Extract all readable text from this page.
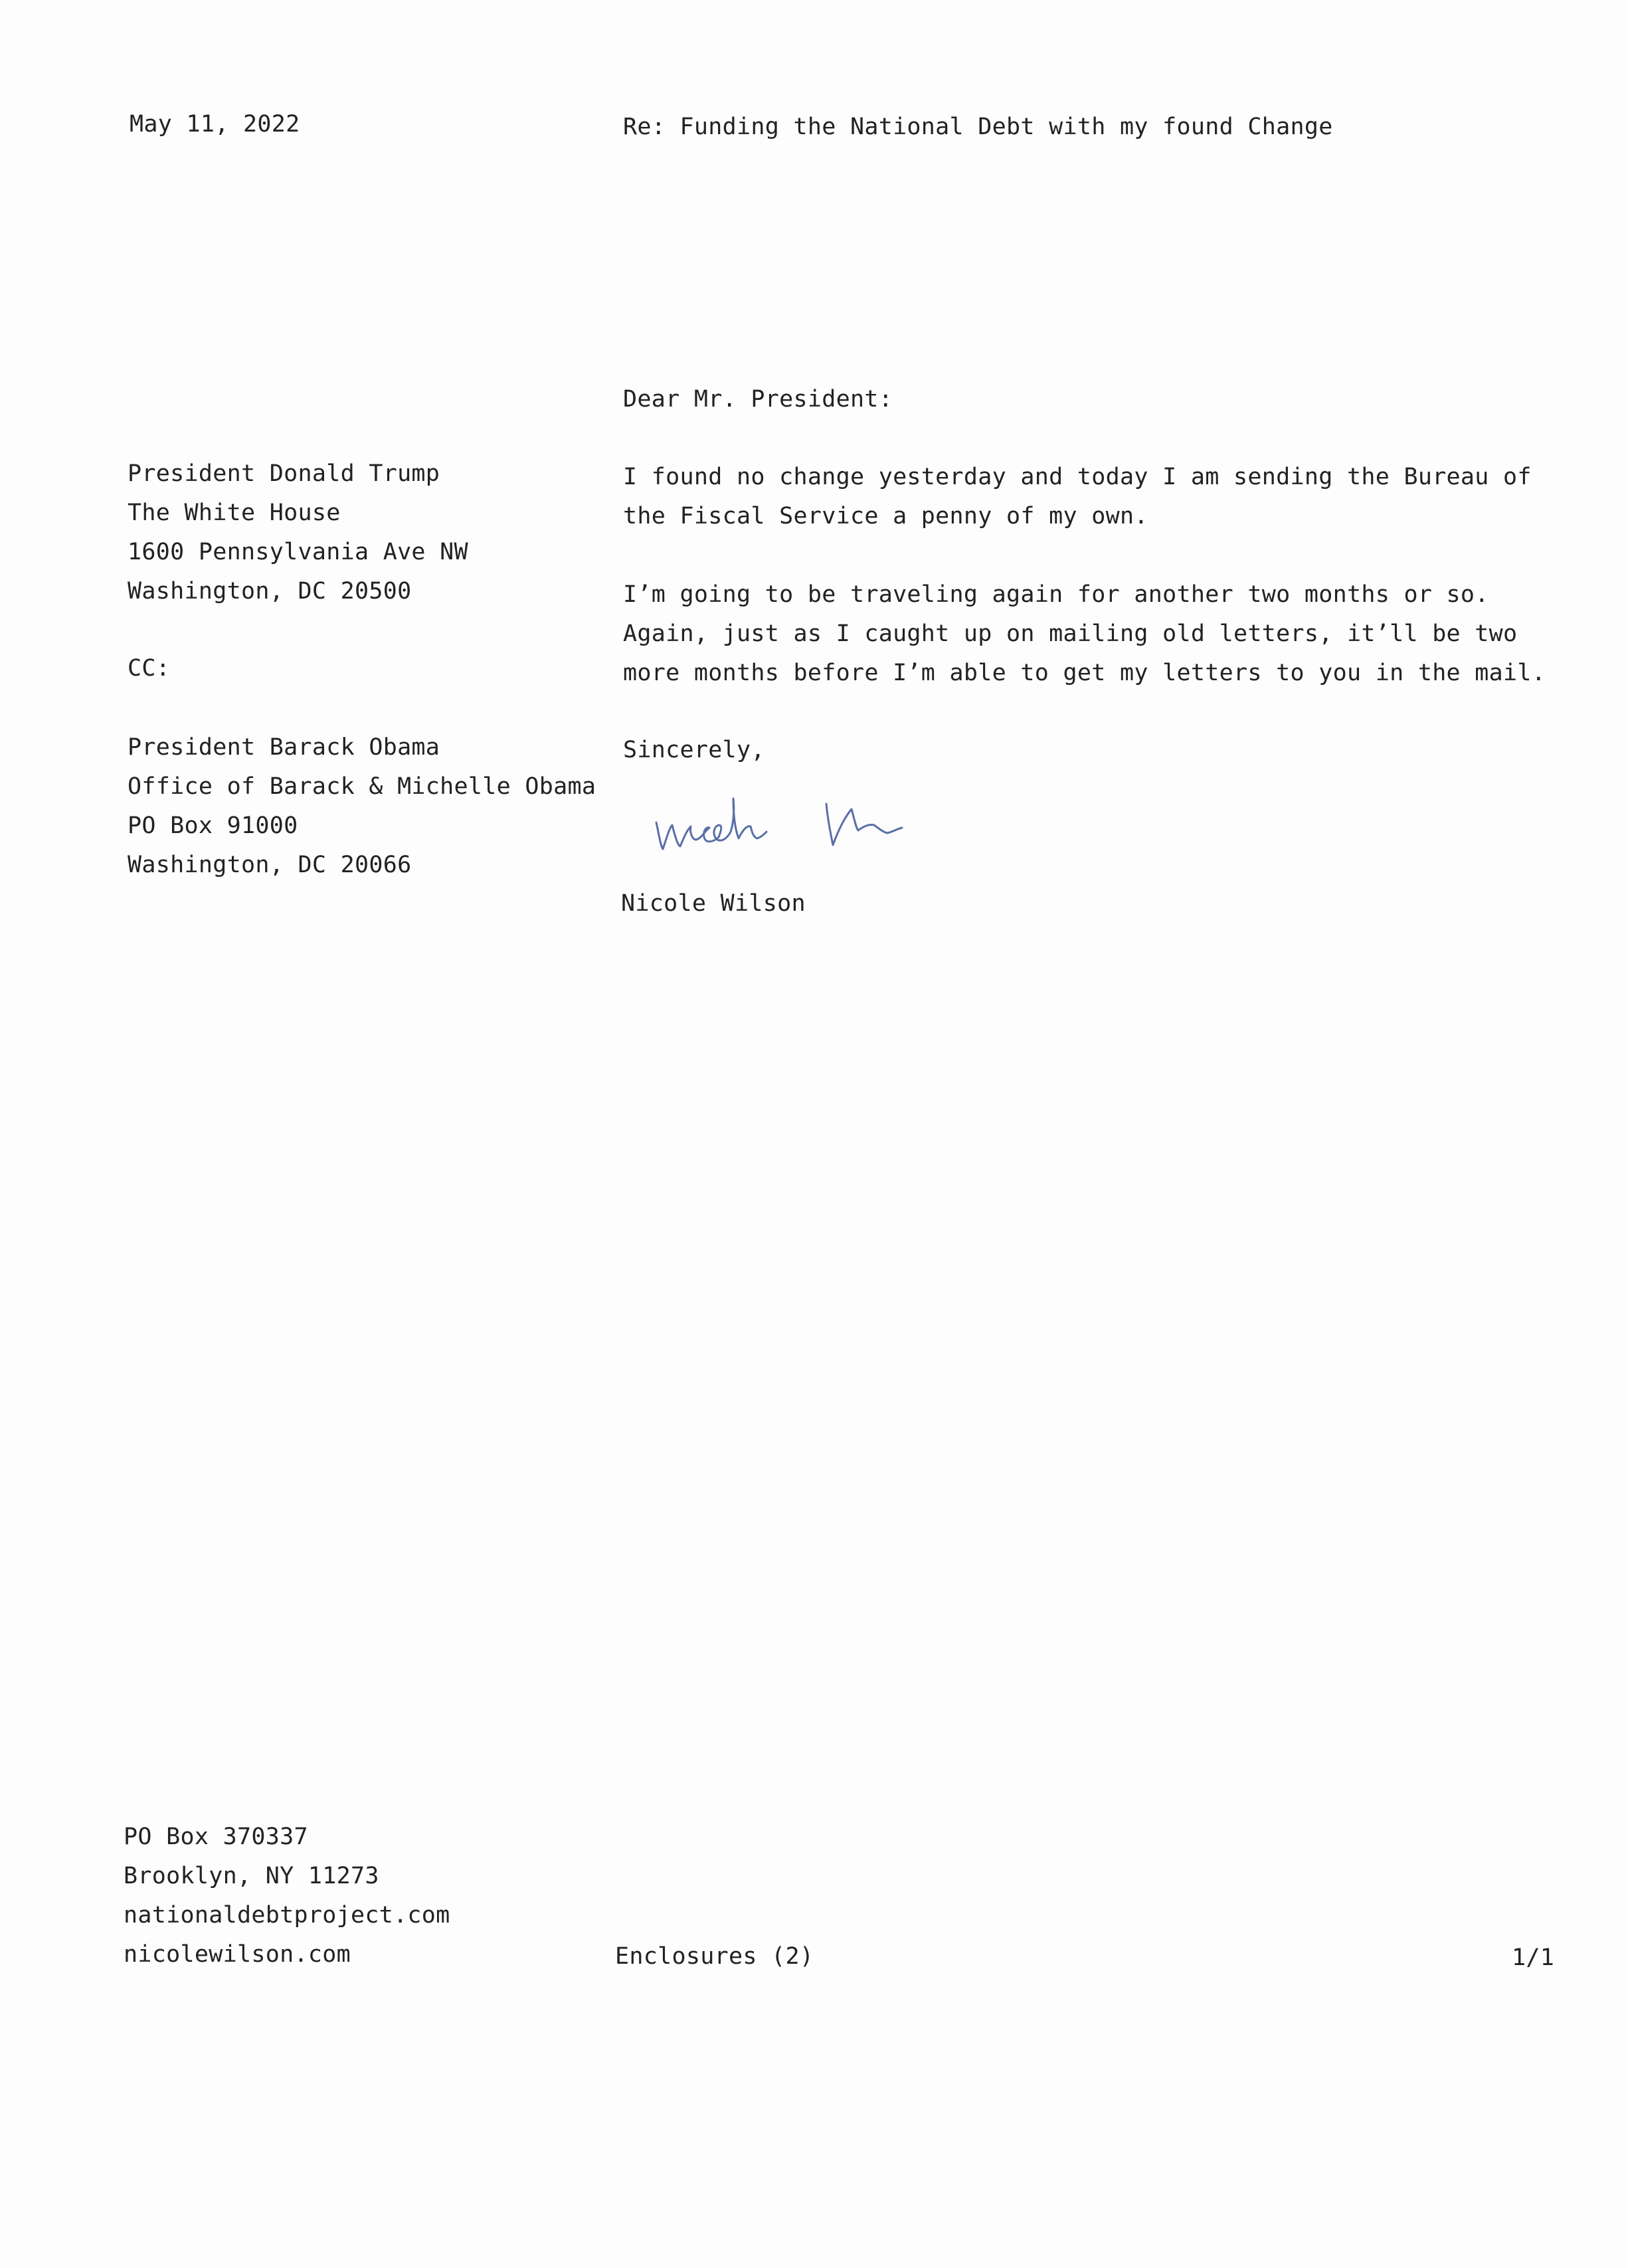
May 11, 2022	Re: Funding the National Debt with my found Change
Dear Mr. President:
President Donald Trump
The White House
1600 Pennsylvania Ave NW
Washington, DC 20500
CC:
President Barack Obama
Office of Barack & Michelle Obama
PO Box 91000
Washington, DC 20066
I found no change yesterday and today I am sending the Bureau of
the Fiscal Service a penny of my own.
I’m going to be traveling again for another two months or so.
Again, just as I caught up on mailing old letters, it’ll be two
more months before I’m able to get my letters to you in the mail.
Sincerely,
Nicole Wilson
PO Box 370337
Brooklyn, NY 11273
nationaldebtproject.com
nicolewilson.com	Enclosures (2)	1/1
